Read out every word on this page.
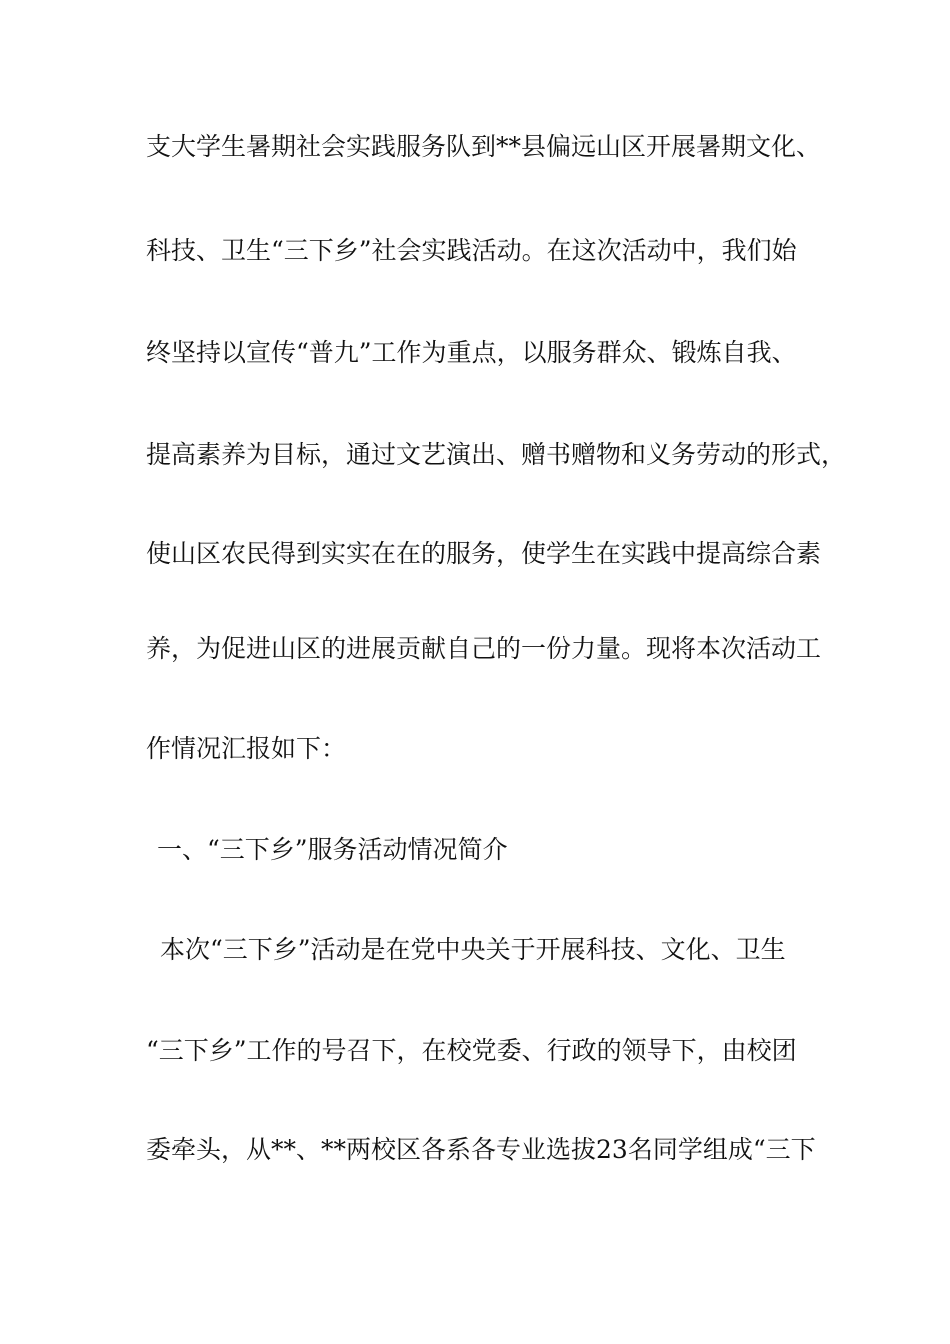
支大学生暑期社会实践服务队到**县偏远山区开展暑期文化、

科技、卫生“三下乡”社会实践活动。在这次活动中，我们始

终坚持以宣传“普九”工作为重点，以服务群众、锻炼自我、

提高素养为目标，通过文艺演出、赠书赠物和义务劳动的形式，

使山区农民得到实实在在的服务，使学生在实践中提高综合素

养，为促进山区的进展贡献自己的一份力量。现将本次活动工

作情况汇报如下：

一、“三下乡”服务活动情况简介

本次“三下乡”活动是在党中央关于开展科技、文化、卫生

“三下乡”工作的号召下，在校党委、行政的领导下，由校团

委牵头，从**、**两校区各系各专业选拔23名同学组成“三下
